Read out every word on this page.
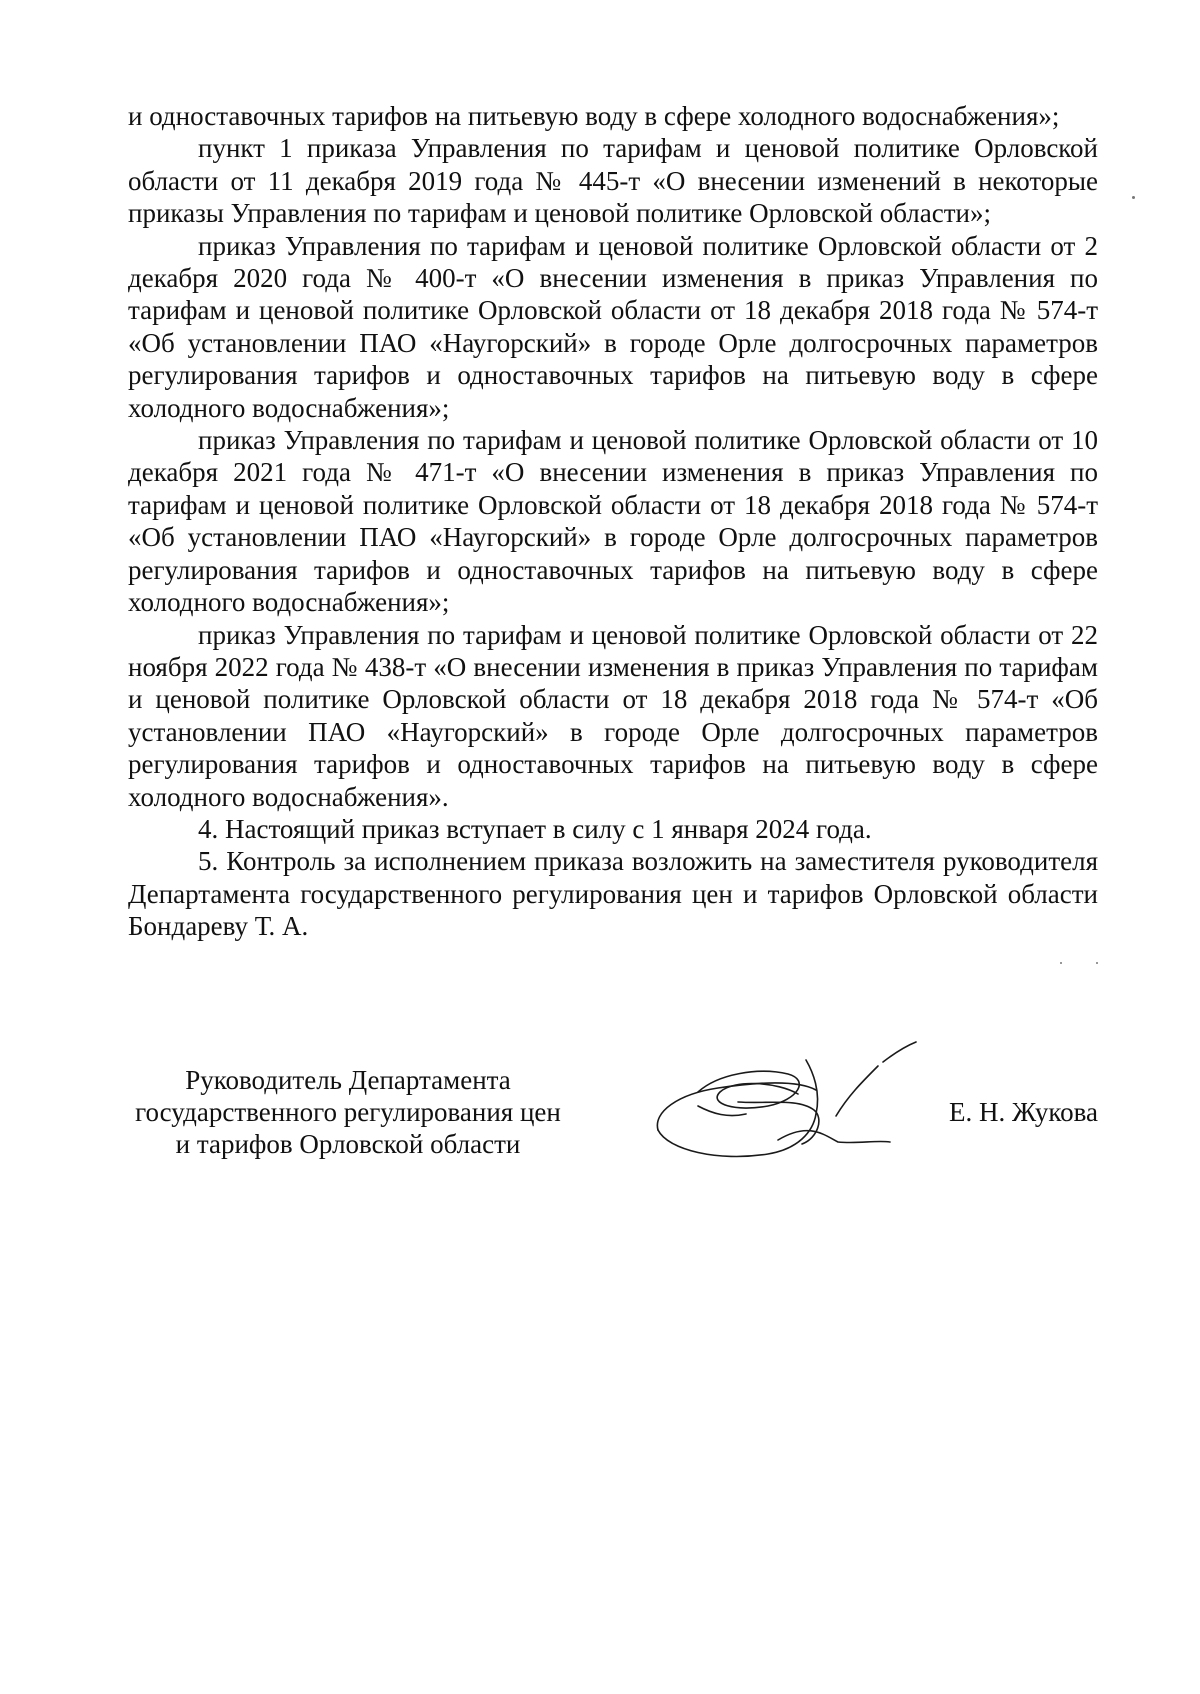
и одноставочных тарифов на питьевую воду в сфере холодного водоснабжения»;

пункт 1 приказа Управления по тарифам и ценовой политике Орловской области от 11 декабря 2019 года № 445-т «О внесении изменений в некоторые приказы Управления по тарифам и ценовой политике Орловской области»;

приказ Управления по тарифам и ценовой политике Орловской области от 2 декабря 2020 года № 400-т «О внесении изменения в приказ Управления по тарифам и ценовой политике Орловской области от 18 декабря 2018 года № 574-т «Об установлении ПАО «Наугорский» в городе Орле долгосрочных параметров регулирования тарифов и одноставочных тарифов на питьевую воду в сфере холодного водоснабжения»;

приказ Управления по тарифам и ценовой политике Орловской области от 10 декабря 2021 года № 471-т «О внесении изменения в приказ Управления по тарифам и ценовой политике Орловской области от 18 декабря 2018 года № 574-т «Об установлении ПАО «Наугорский» в городе Орле долгосрочных параметров регулирования тарифов и одноставочных тарифов на питьевую воду в сфере холодного водоснабжения»;

приказ Управления по тарифам и ценовой политике Орловской области от 22 ноября 2022 года № 438-т «О внесении изменения в приказ Управления по тарифам и ценовой политике Орловской области от 18 декабря 2018 года № 574-т «Об установлении ПАО «Наугорский» в городе Орле долгосрочных параметров регулирования тарифов и одноставочных тарифов на питьевую воду в сфере холодного водоснабжения».

4. Настоящий приказ вступает в силу с 1 января 2024 года.

5. Контроль за исполнением приказа возложить на заместителя руководителя Департамента государственного регулирования цен и тарифов Орловской области Бондареву Т. А.

Руководитель Департамента
государственного регулирования цен
и тарифов Орловской области
Е. Н. Жукова
